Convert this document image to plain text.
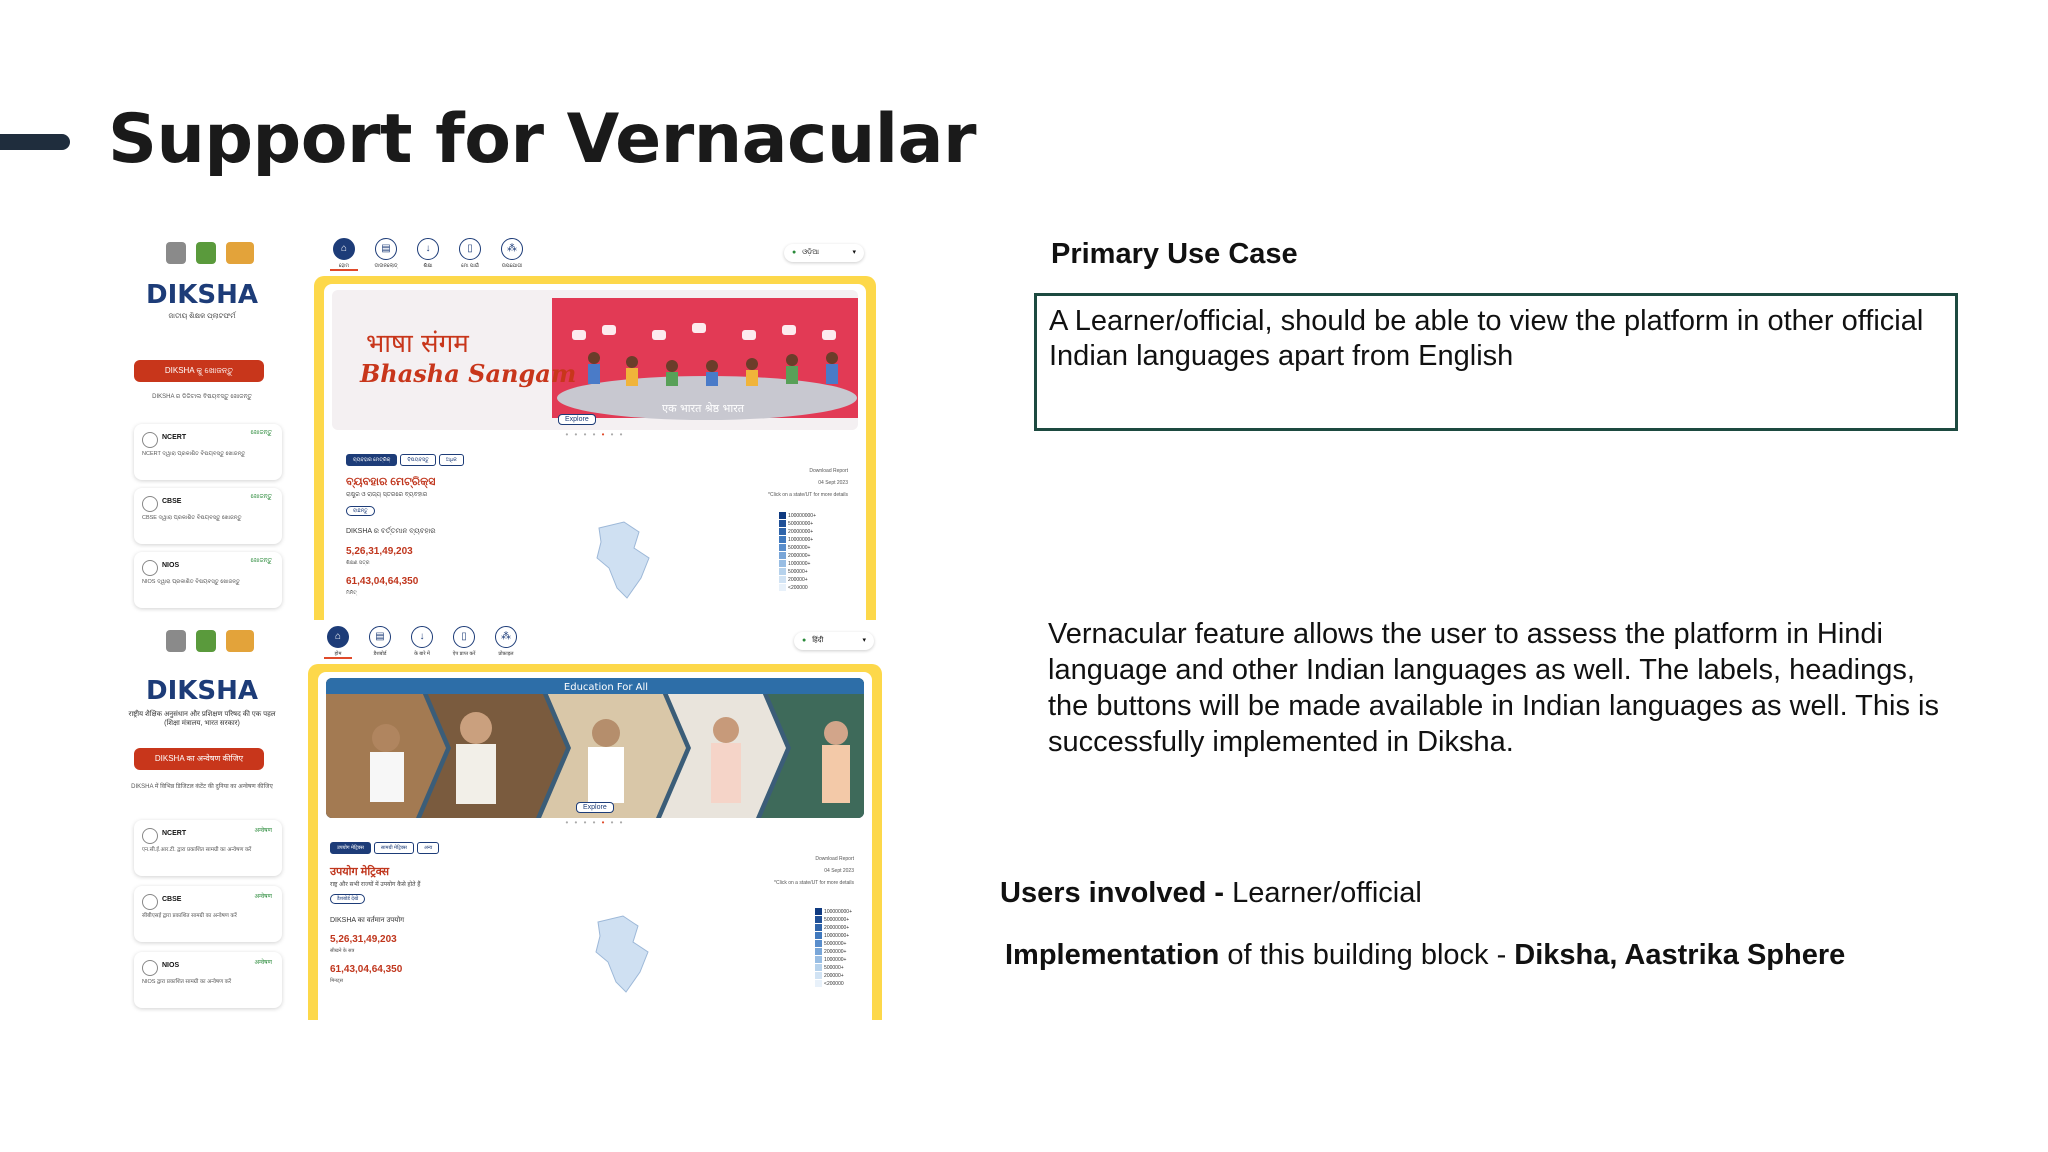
Support for Vernacular
DIKSHA
ଜାତୀୟ ଶିକ୍ଷକ ପ୍ଲାଟଫର୍ମ
DIKSHA କୁ ଖୋଜନ୍ତୁ
DIKSHA ର ଡିଜିଟାଲ ବିଷୟବସ୍ତୁ ଖୋଜନ୍ତୁ
NCERT
ଖୋଜନ୍ତୁ
NCERT ଦ୍ୱାରା ପ୍ରକାଶିତ ବିଷୟବସ୍ତୁ ଖୋଜନ୍ତୁ
CBSE
ଖୋଜନ୍ତୁ
CBSE ଦ୍ୱାରା ପ୍ରକାଶିତ ବିଷୟବସ୍ତୁ ଖୋଜନ୍ତୁ
NIOS
ଖୋଜନ୍ତୁ
NIOS ଦ୍ୱାରା ପ୍ରକାଶିତ ବିଷୟବସ୍ତୁ ଖୋଜନ୍ତୁ
⌂
ହୋମ
▤
ଡାଉନଲୋଡ୍
↓
ଶିକ୍ଷା
▯
ମୋ ପାଇଁ
⁂
ଉପଯୋଗୀ
● ଓଡ଼ିଆ	▾
भाषा संगम
Bhasha Sangam
एक भारत श्रेष्ठ भारत
Explore
• • • • • • •
ବ୍ୟବହାର ମେଟ୍ରିକ୍	ବିଷୟବସ୍ତୁ	ଅଧିକ
ବ୍ୟବହାର ମେଟ୍ରିକ୍ସ
ରାଷ୍ଟ୍ର ଓ ରାଜ୍ୟ ସ୍ତରରେ ବ୍ୟବହାର
ବାଛନ୍ତୁ
DIKSHA ର ବର୍ତ୍ତମାନ ବ୍ୟବହାର
5,26,31,49,203
ଶିକ୍ଷଣ ସତ୍ର
61,43,04,64,350
ମିନିଟ୍
Download Report
04 Sept 2023
*Click on a state/UT for more details
100000000+
50000000+
20000000+
10000000+
5000000+
2000000+
1000000+
500000+
200000+
<200000
DIKSHA
राष्ट्रीय शैक्षिक अनुसंधान और प्रशिक्षण परिषद की एक पहल (शिक्षा मंत्रालय, भारत सरकार)
DIKSHA का अन्वेषण कीजिए
DIKSHA में विभिन्न डिजिटल कंटेंट की दुनिया का अन्वेषण कीजिए
NCERT	अन्वेषण
एन.सी.ई.आर.टी. द्वारा प्रकाशित सामग्री का अन्वेषण करें
CBSE	अन्वेषण
सीबीएसई द्वारा प्रकाशित सामग्री का अन्वेषण करें
NIOS	अन्वेषण
NIOS द्वारा प्रकाशित सामग्री का अन्वेषण करें
⌂
होम
▤
डैशबोर्ड
↓
के बारे में
▯
ऐप प्राप्त करें
⁂
प्रोफ़ाइल
● हिंदी	▾
Education For All
Explore
• • • • • • •
उपयोग मेट्रिक्स	सामग्री मेट्रिक्स	अन्य
उपयोग मेट्रिक्स
राष्ट्र और सभी राज्यों में उपयोग कैसे होते हैं
डैशबोर्ड देखें
DIKSHA का वर्तमान उपयोग
5,26,31,49,203
सीखने के सत्र
61,43,04,64,350
मिनट्स
Download Report
04 Sept 2023
*Click on a state/UT for more details
100000000+
50000000+
20000000+
10000000+
5000000+
2000000+
1000000+
500000+
200000+
<200000
Primary Use Case
A Learner/official, should be able to view the platform in other official Indian languages apart from English
Vernacular feature allows the user to assess the platform in Hindi language and other Indian languages as well. The labels, headings, the buttons will be made available in Indian languages as well. This is successfully implemented in Diksha.
Users involved - Learner/official
Implementation of this building block - Diksha, Aastrika Sphere
